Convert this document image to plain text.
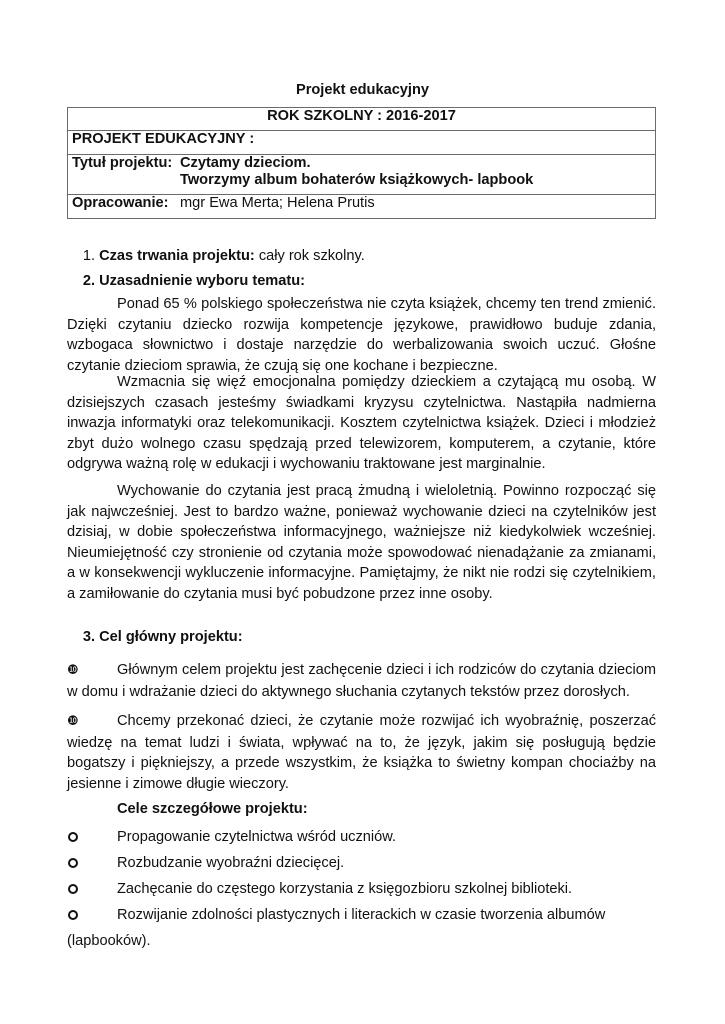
Projekt edukacyjny
ROK SZKOLNY : 2016-2017
PROJEKT EDUKACYJNY :
Tytuł projektu: Czytamy dzieciom.
Tworzymy album bohaterów książkowych- lapbook

Opracowanie: mgr Ewa Merta; Helena Prutis
1. Czas trwania projektu: cały rok szkolny.
2. Uzasadnienie wyboru tematu:

Ponad 65 % polskiego społeczeństwa nie czyta książek, chcemy ten trend zmienić. Dzięki czytaniu dziecko rozwija kompetencje językowe, prawidłowo buduje zdania, wzbogaca słownictwo i dostaje narzędzie do werbalizowania swoich uczuć. Głośne czytanie dzieciom sprawia, że czują się one kochane i bezpieczne.

Wzmacnia się więź emocjonalna pomiędzy dzieckiem a czytającą mu osobą. W dzisiejszych czasach jesteśmy świadkami kryzysu czytelnictwa. Nastąpiła nadmierna inwazja informatyki oraz telekomunikacji. Kosztem czytelnictwa książek. Dzieci i młodzież zbyt dużo wolnego czasu spędzają przed telewizorem, komputerem, a czytanie, które odgrywa ważną rolę w edukacji i wychowaniu traktowane jest marginalnie.

Wychowanie do czytania jest pracą żmudną i wieloletnią. Powinno rozpocząć się jak najwcześniej. Jest to bardzo ważne, ponieważ wychowanie dzieci na czytelników jest dzisiaj, w dobie społeczeństwa informacyjnego, ważniejsze niż kiedykolwiek wcześniej. Nieumiejętność czy stronienie od czytania może spowodować nienadążanie za zmianami, a w konsekwencji wykluczenie informacyjne. Pamiętajmy, że nikt nie rodzi się czytelnikiem, a zamiłowanie do czytania musi być pobudzone przez inne osoby.

3. Cel główny projektu:

❿	Głównym celem projektu jest zachęcenie dzieci i ich rodziców do czytania dzieciom w domu i wdrażanie dzieci do aktywnego słuchania czytanych tekstów przez dorosłych.

❿	Chcemy przekonać dzieci, że czytanie może rozwijać ich wyobraźnię, poszerzać wiedzę na temat ludzi i świata, wpływać na to, że język, jakim się posługują będzie bogatszy i piękniejszy, a przede wszystkim, że książka to świetny kompan chociażby na jesienne i zimowe długie wieczory.

Cele szczegółowe projektu:
Propagowanie czytelnictwa wśród uczniów.
Rozbudzanie wyobraźni dziecięcej.
Zachęcanie do częstego korzystania z księgozbioru szkolnej biblioteki.
Rozwijanie zdolności plastycznych i literackich w czasie tworzenia albumów
(lapbooków).
